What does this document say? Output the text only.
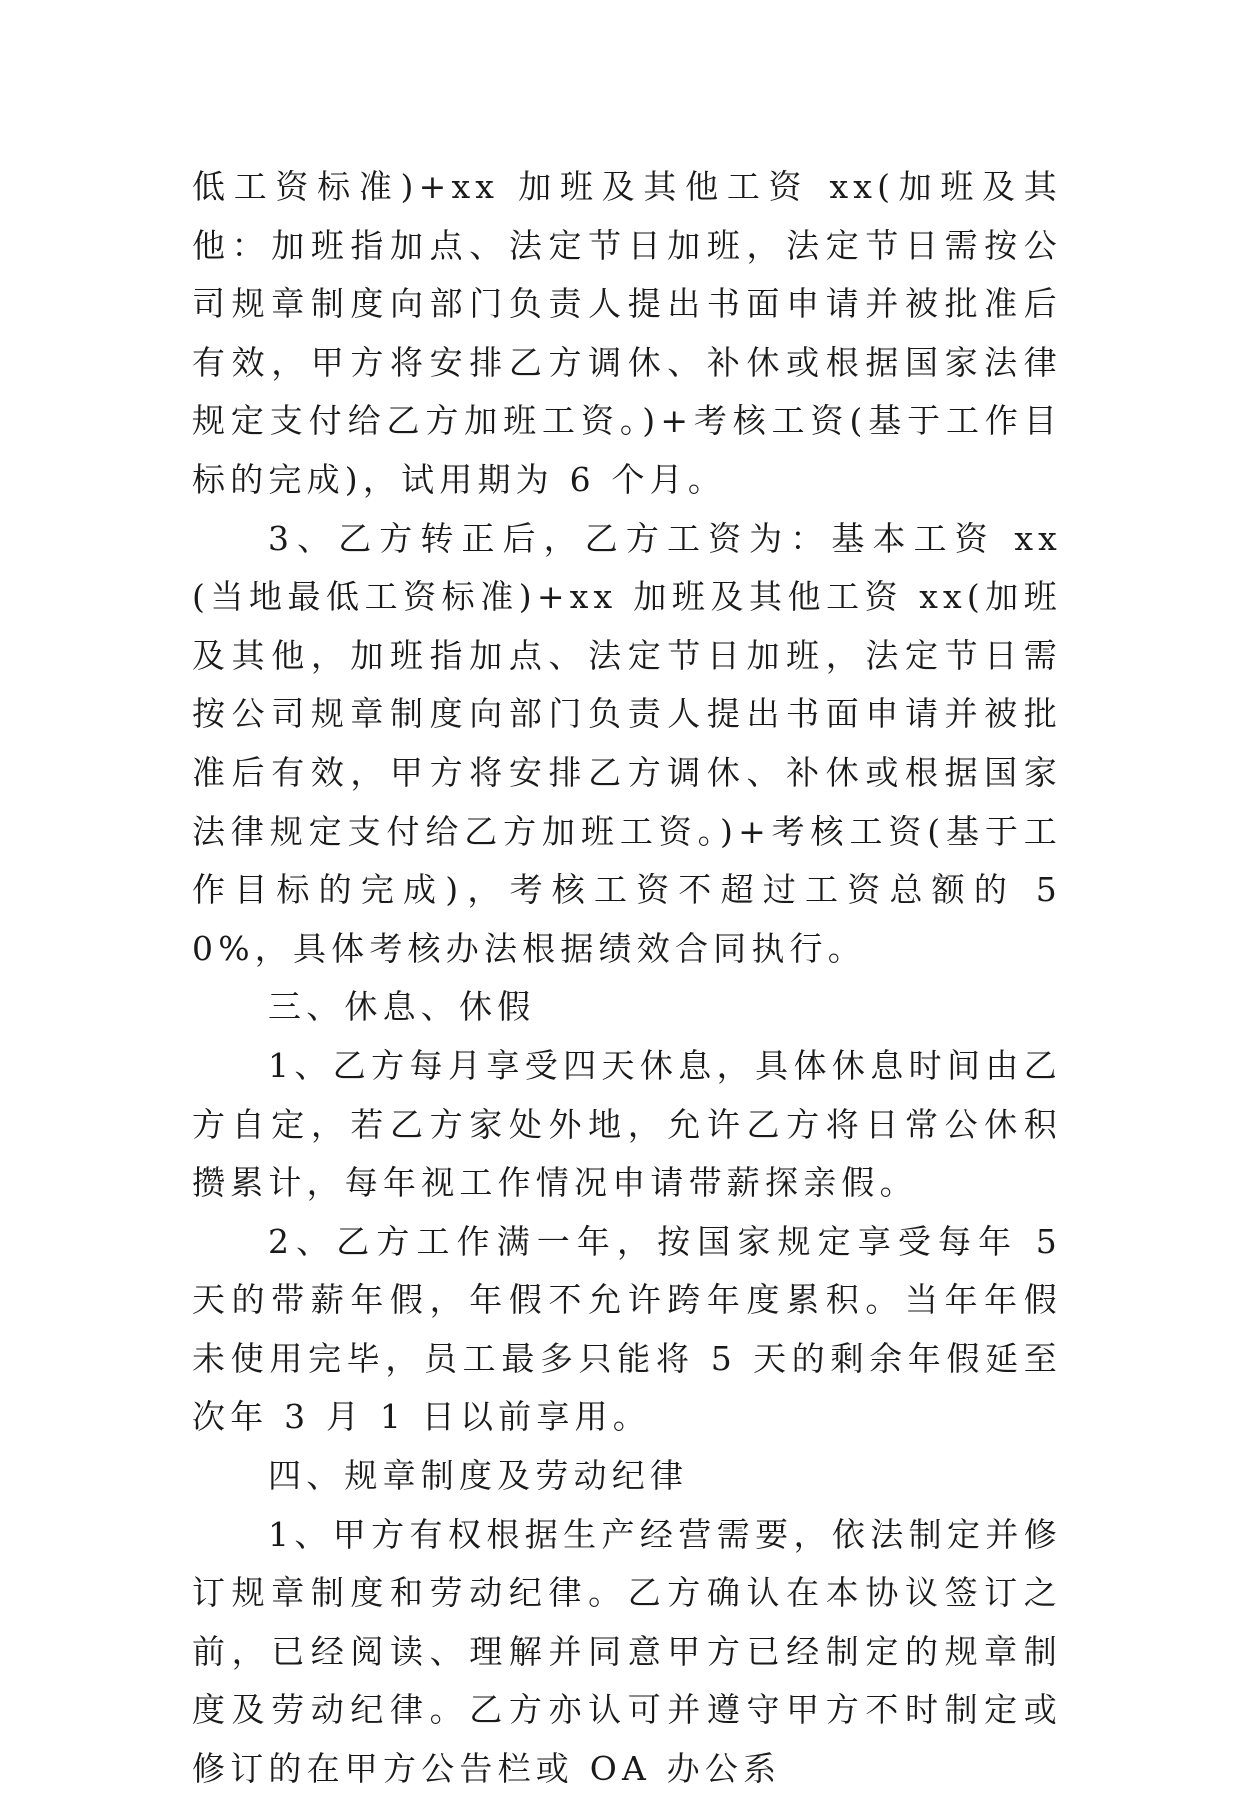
低工资标准)+xx 加班及其他工资 xx(加班及其他：加班指加点、法定节日加班，法定节日需按公司规章制度向部门负责人提出书面申请并被批准后有效，甲方将安排乙方调休、补休或根据国家法律规定支付给乙方加班工资。)+考核工资(基于工作目标的完成)，试用期为 6 个月。

3、乙方转正后，乙方工资为：基本工资 xx(当地最低工资标准)+xx 加班及其他工资 xx(加班及其他，加班指加点、法定节日加班，法定节日需按公司规章制度向部门负责人提出书面申请并被批准后有效，甲方将安排乙方调休、补休或根据国家法律规定支付给乙方加班工资。)+考核工资(基于工作目标的完成)，考核工资不超过工资总额的 50%，具体考核办法根据绩效合同执行。

三、休息、休假

1、乙方每月享受四天休息，具体休息时间由乙方自定，若乙方家处外地，允许乙方将日常公休积攒累计，每年视工作情况申请带薪探亲假。

2、乙方工作满一年，按国家规定享受每年 5 天的带薪年假，年假不允许跨年度累积。当年年假未使用完毕，员工最多只能将 5 天的剩余年假延至次年 3 月 1 日以前享用。

四、规章制度及劳动纪律

1、甲方有权根据生产经营需要，依法制定并修订规章制度和劳动纪律。乙方确认在本协议签订之前，已经阅读、理解并同意甲方已经制定的规章制度及劳动纪律。乙方亦认可并遵守甲方不时制定或修订的在甲方公告栏或 OA 办公系
